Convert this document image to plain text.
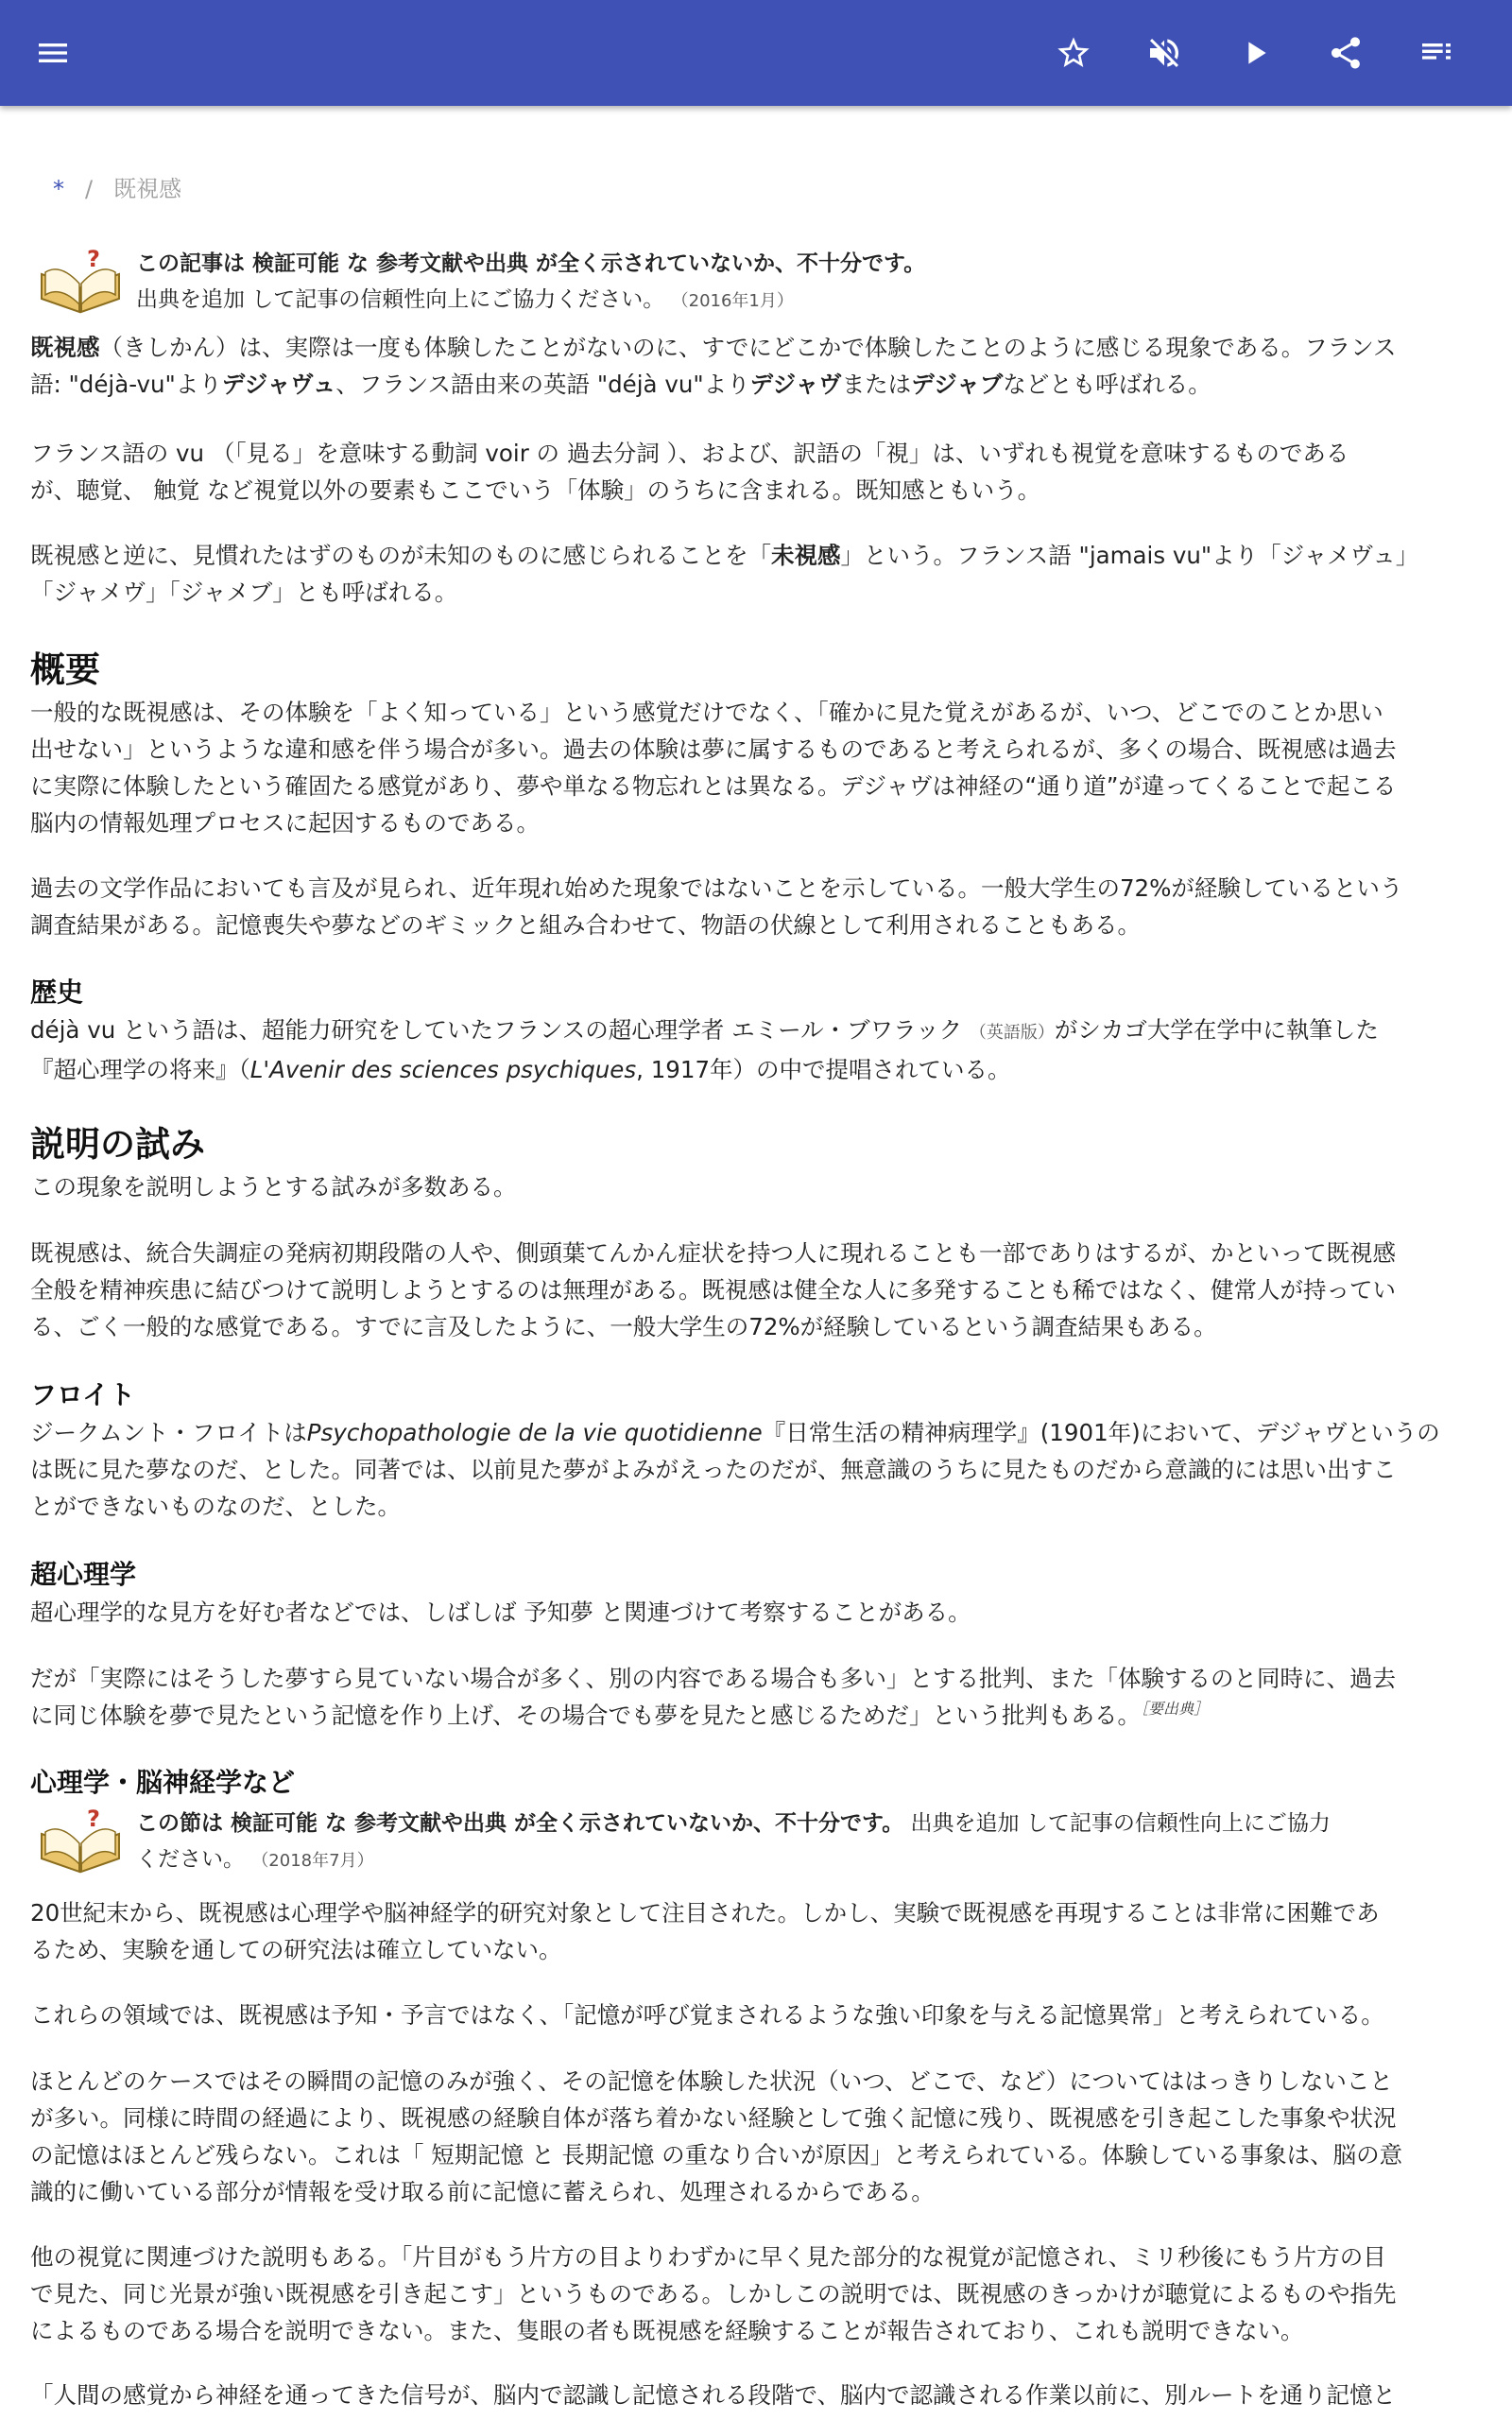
* / 既視感
? この記事は 検証可能 な 参考文献や出典 が全く示されていないか、不十分です。
出典を追加 して記事の信頼性向上にご協力ください。 （2016年1月）
既視感（きしかん）は、実際は一度も体験したことがないのに、すでにどこかで体験したことのように感じる現象である。フランス
語: "déjà-vu"よりデジャヴュ、フランス語由来の英語 "déjà vu"よりデジャヴまたはデジャブなどとも呼ばれる。
フランス語の vu （「見る」を意味する動詞 voir の 過去分詞 ）、および、訳語の「視」は、いずれも視覚を意味するものである
が、聴覚、 触覚 など視覚以外の要素もここでいう「体験」のうちに含まれる。既知感ともいう。
既視感と逆に、見慣れたはずのものが未知のものに感じられることを「未視感」という。フランス語 "jamais vu"より「ジャメヴュ」
「ジャメヴ」「ジャメブ」とも呼ばれる。
概要
一般的な既視感は、その体験を「よく知っている」という感覚だけでなく、「確かに見た覚えがあるが、いつ、どこでのことか思い
出せない」というような違和感を伴う場合が多い。過去の体験は夢に属するものであると考えられるが、多くの場合、既視感は過去
に実際に体験したという確固たる感覚があり、夢や単なる物忘れとは異なる。デジャヴは神経の“通り道”が違ってくることで起こる
脳内の情報処理プロセスに起因するものである。
過去の文学作品においても言及が見られ、近年現れ始めた現象ではないことを示している。一般大学生の72%が経験しているという
調査結果がある。記憶喪失や夢などのギミックと組み合わせて、物語の伏線として利用されることもある。
歴史
déjà vu という語は、超能力研究をしていたフランスの超心理学者 エミール・ブワラック （英語版）がシカゴ大学在学中に執筆した
『超心理学の将来』（L'Avenir des sciences psychiques, 1917年）の中で提唱されている。
説明の試み
この現象を説明しようとする試みが多数ある。
既視感は、統合失調症の発病初期段階の人や、側頭葉てんかん症状を持つ人に現れることも一部でありはするが、かといって既視感
全般を精神疾患に結びつけて説明しようとするのは無理がある。既視感は健全な人に多発することも稀ではなく、健常人が持ってい
る、ごく一般的な感覚である。すでに言及したように、一般大学生の72%が経験しているという調査結果もある。
フロイト
ジークムント・フロイトはPsychopathologie de la vie quotidienne『日常生活の精神病理学』(1901年)において、デジャヴというの
は既に見た夢なのだ、とした。同著では、以前見た夢がよみがえったのだが、無意識のうちに見たものだから意識的には思い出すこ
とができないものなのだ、とした。
超心理学
超心理学的な見方を好む者などでは、しばしば 予知夢 と関連づけて考察することがある。
だが「実際にはそうした夢すら見ていない場合が多く、別の内容である場合も多い」とする批判、また「体験するのと同時に、過去
に同じ体験を夢で見たという記憶を作り上げ、その場合でも夢を見たと感じるためだ」という批判もある。$^{[要出典]}$
心理学・脳神経学など
? この節は 検証可能 な 参考文献や出典 が全く示されていないか、不十分です。 出典を追加 して記事の信頼性向上にご協力
ください。 （2018年7月）
20世紀末から、既視感は心理学や脳神経学的研究対象として注目された。しかし、実験で既視感を再現することは非常に困難であ
るため、実験を通しての研究法は確立していない。
これらの領域では、既視感は予知・予言ではなく、「記憶が呼び覚まされるような強い印象を与える記憶異常」と考えられている。
ほとんどのケースではその瞬間の記憶のみが強く、その記憶を体験した状況（いつ、どこで、など）についてははっきりしないこと
が多い。同様に時間の経過により、既視感の経験自体が落ち着かない経験として強く記憶に残り、既視感を引き起こした事象や状況
の記憶はほとんど残らない。これは「 短期記憶 と 長期記憶 の重なり合いが原因」と考えられている。体験している事象は、脳の意
識的に働いている部分が情報を受け取る前に記憶に蓄えられ、処理されるからである。
他の視覚に関連づけた説明もある。「片目がもう片方の目よりわずかに早く見た部分的な視覚が記憶され、ミリ秒後にもう片方の目
で見た、同じ光景が強い既視感を引き起こす」というものである。しかしこの説明では、既視感のきっかけが聴覚によるものや指先
によるものである場合を説明できない。また、隻眼の者も既視感を経験することが報告されており、これも説明できない。
「人間の感覚から神経を通ってきた信号が、脳内で認識し記憶される段階で、脳内で認識される作業以前に、別ルートを通り記憶と
